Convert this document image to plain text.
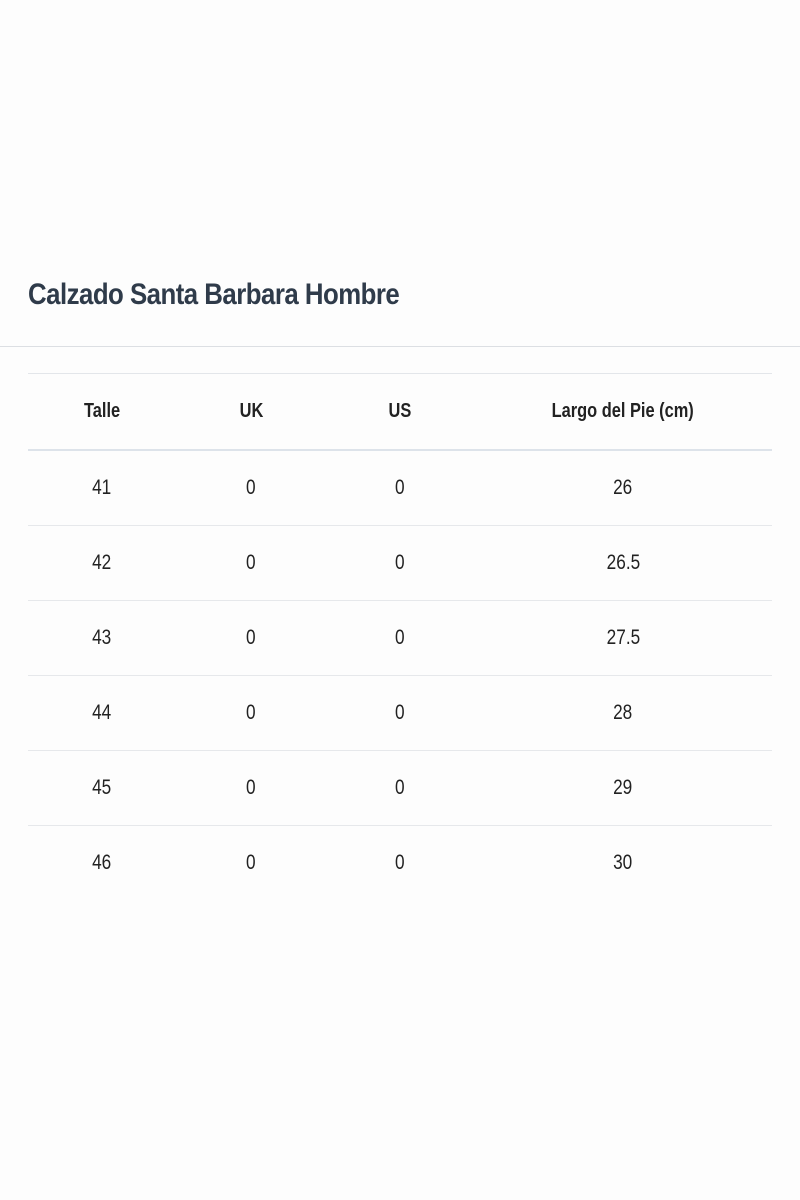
Calzado Santa Barbara Hombre
Talle	UK	US	Largo del Pie (cm)
41	0	0	26
42	0	0	26.5
43	0	0	27.5
44	0	0	28
45	0	0	29
46	0	0	30
